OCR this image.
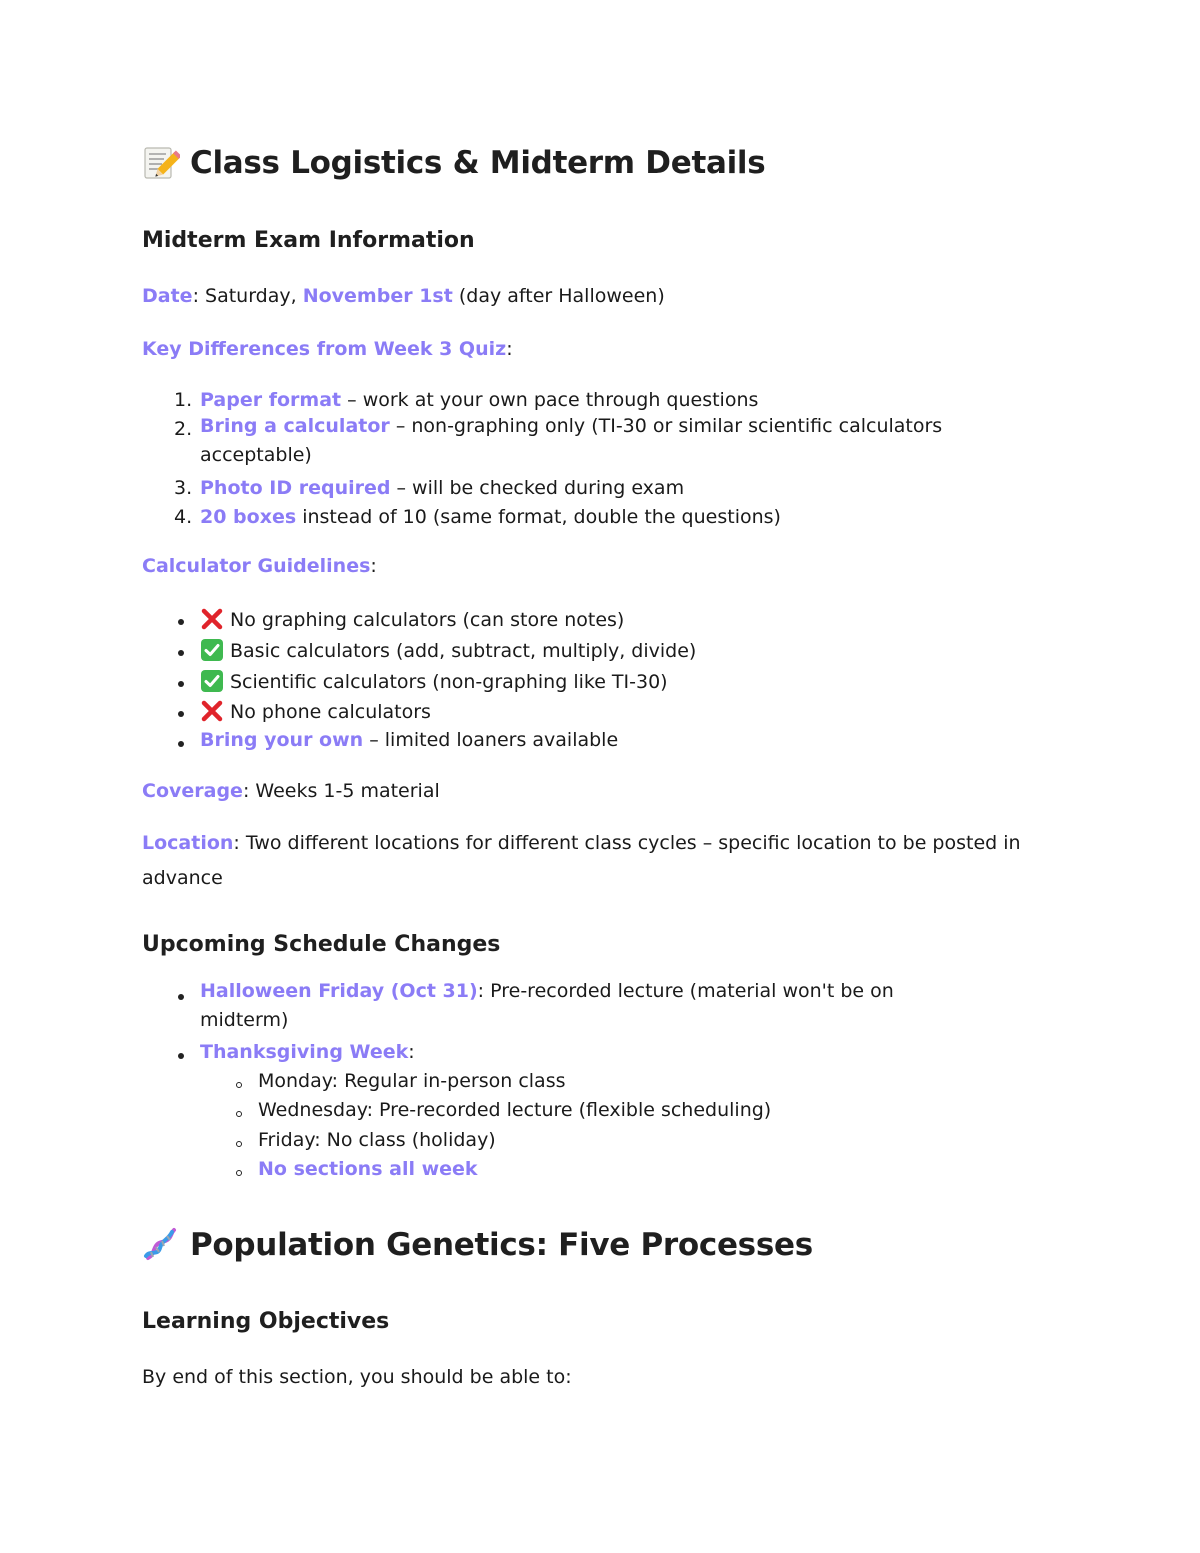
Class Logistics & Midterm Details
Midterm Exam Information

Date: Saturday, November 1st (day after Halloween)

Key Differences from Week 3 Quiz:

1. Paper format – work at your own pace through questions

2. Bring a calculator – non-graphing only (TI-30 or similar scientific calculators acceptable)

3. Photo ID required – will be checked during exam

4. 20 boxes instead of 10 (same format, double the questions)

Calculator Guidelines:

No graphing calculators (can store notes)

Basic calculators (add, subtract, multiply, divide)

Scientific calculators (non-graphing like TI-30)

No phone calculators

Bring your own – limited loaners available

Coverage: Weeks 1-5 material

Location: Two different locations for different class cycles – specific location to be posted in advance

Upcoming Schedule Changes

Halloween Friday (Oct 31): Pre-recorded lecture (material won't be on midterm)

Thanksgiving Week:

Monday: Regular in-person class

Wednesday: Pre-recorded lecture (flexible scheduling)

Friday: No class (holiday)

No sections all week

Population Genetics: Five Processes
Learning Objectives

By end of this section, you should be able to:
